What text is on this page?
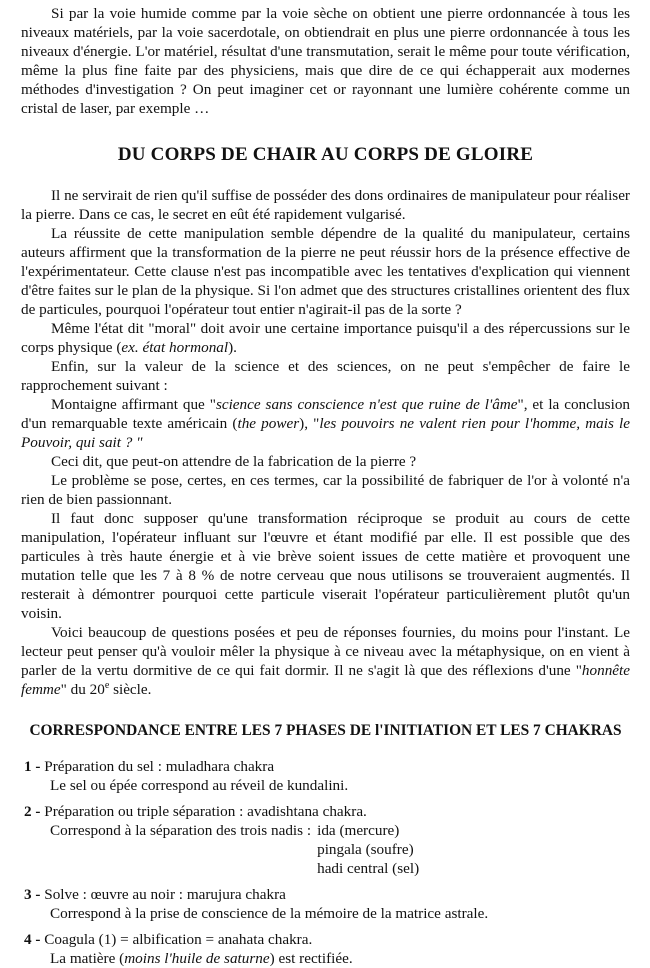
Si par la voie humide comme par la voie sèche on obtient une pierre ordonnancée à tous les niveaux matériels, par la voie sacerdotale, on obtiendrait en plus une pierre ordonnancée à tous les niveaux d'énergie. L'or matériel, résultat d'une transmutation, serait le même pour toute vérification, même la plus fine faite par des physiciens, mais que dire de ce qui échapperait aux modernes méthodes d'investigation ? On peut imaginer cet or rayonnant une lumière cohérente comme un cristal de laser, par exemple …

DU CORPS DE CHAIR AU CORPS DE GLOIRE

Il ne servirait de rien qu'il suffise de posséder des dons ordinaires de manipulateur pour réaliser la pierre. Dans ce cas, le secret en eût été rapidement vulgarisé.

La réussite de cette manipulation semble dépendre de la qualité du manipulateur, certains auteurs affirment que la transformation de la pierre ne peut réussir hors de la présence effective de l'expérimentateur. Cette clause n'est pas incompatible avec les tentatives d'explication qui viennent d'être faites sur le plan de la physique. Si l'on admet que des structures cristallines orientent des flux de particules, pourquoi l'opérateur tout entier n'agirait-il pas de la sorte ?

Même l'état dit "moral" doit avoir une certaine importance puisqu'il a des répercussions sur le corps physique (ex. état hormonal).

Enfin, sur la valeur de la science et des sciences, on ne peut s'empêcher de faire le rapprochement suivant :

Montaigne affirmant que "science sans conscience n'est que ruine de l'âme", et la conclusion d'un remarquable texte américain (the power), "les pouvoirs ne valent rien pour l'homme, mais le Pouvoir, qui sait ? "

Ceci dit, que peut-on attendre de la fabrication de la pierre ?

Le problème se pose, certes, en ces termes, car la possibilité de fabriquer de l'or à volonté n'a rien de bien passionnant.

Il faut donc supposer qu'une transformation réciproque se produit au cours de cette manipulation, l'opérateur influant sur l'œuvre et étant modifié par elle. Il est possible que des particules à très haute énergie et à vie brève soient issues de cette matière et provoquent une mutation telle que les 7 à 8 % de notre cerveau que nous utilisons se trouveraient augmentés. Il resterait à démontrer pourquoi cette particule viserait l'opérateur particulièrement plutôt qu'un voisin.

Voici beaucoup de questions posées et peu de réponses fournies, du moins pour l'instant. Le lecteur peut penser qu'à vouloir mêler la physique à ce niveau avec la métaphysique, on en vient à parler de la vertu dormitive de ce qui fait dormir. Il ne s'agit là que des réflexions d'une "honnête femme" du 20e siècle.

CORRESPONDANCE ENTRE LES 7 PHASES DE l'INITIATION ET LES 7 CHAKRAS
1 - Préparation du sel : muladhara chakra
Le sel ou épée correspond au réveil de kundalini.
2 - Préparation ou triple séparation : avadishtana chakra.
Correspond à la séparation des trois nadis : ida (mercure)
pingala (soufre)
hadi central (sel)
3 - Solve : œuvre au noir : marujura chakra
Correspond à la prise de conscience de la mémoire de la matrice astrale.
4 - Coagula (1) = albification = anahata chakra.
La matière (moins l'huile de saturne) est rectifiée.
